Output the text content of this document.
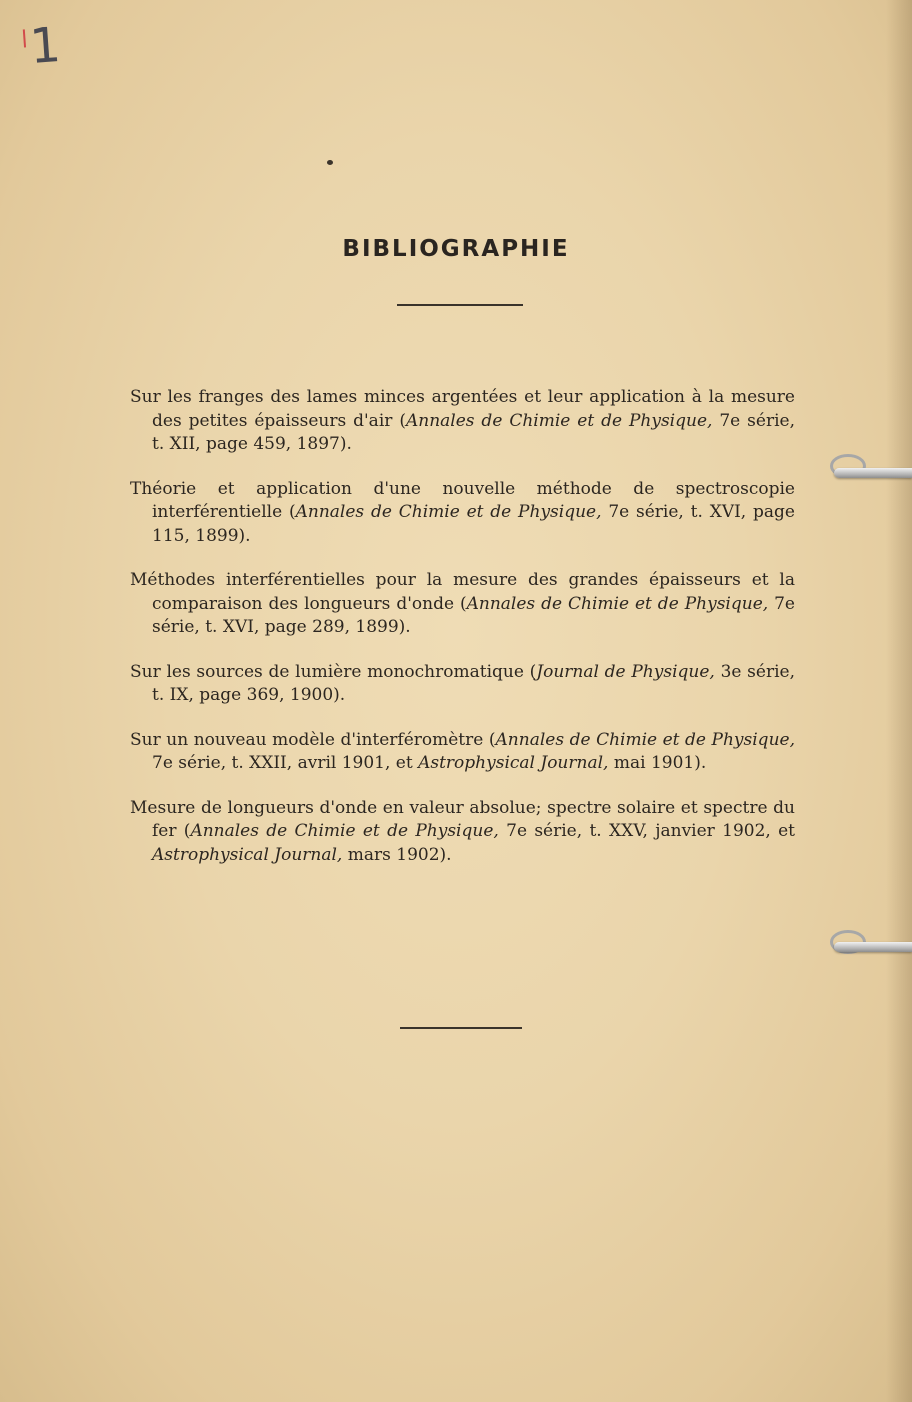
1
BIBLIOGRAPHIE
Sur les franges des lames minces argentées et leur application à la mesure des petites épaisseurs d'air (Annales de Chimie et de Physique, 7e série, t. XII, page 459, 1897).
Théorie et application d'une nouvelle méthode de spectroscopie interférentielle (Annales de Chimie et de Physique, 7e série, t. XVI, page 115, 1899).
Méthodes interférentielles pour la mesure des grandes épaisseurs et la comparaison des longueurs d'onde (Annales de Chimie et de Physique, 7e série, t. XVI, page 289, 1899).
Sur les sources de lumière monochromatique (Journal de Physique, 3e série, t. IX, page 369, 1900).
Sur un nouveau modèle d'interféromètre (Annales de Chimie et de Physique, 7e série, t. XXII, avril 1901, et Astrophysical Journal, mai 1901).
Mesure de longueurs d'onde en valeur absolue; spectre solaire et spectre du fer (Annales de Chimie et de Physique, 7e série, t. XXV, janvier 1902, et Astrophysical Journal, mars 1902).
